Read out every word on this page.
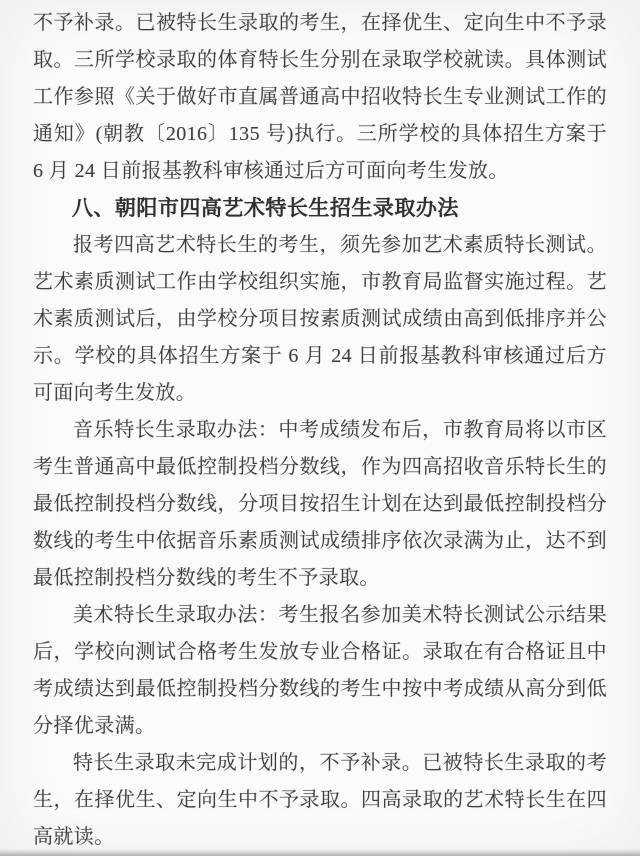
不予补录。已被特长生录取的考生，在择优生、定向生中不予录取。三所学校录取的体育特长生分别在录取学校就读。具体测试工作参照《关于做好市直属普通高中招收特长生专业测试工作的通知》(朝教〔2016〕135 号)执行。三所学校的具体招生方案于 6 月 24 日前报基教科审核通过后方可面向考生发放。

八、朝阳市四高艺术特长生招生录取办法

报考四高艺术特长生的考生，须先参加艺术素质特长测试。艺术素质测试工作由学校组织实施，市教育局监督实施过程。艺术素质测试后，由学校分项目按素质测试成绩由高到低排序并公示。学校的具体招生方案于 6 月 24 日前报基教科审核通过后方可面向考生发放。

音乐特长生录取办法：中考成绩发布后，市教育局将以市区考生普通高中最低控制投档分数线，作为四高招收音乐特长生的最低控制投档分数线，分项目按招生计划在达到最低控制投档分数线的考生中依据音乐素质测试成绩排序依次录满为止，达不到最低控制投档分数线的考生不予录取。

美术特长生录取办法：考生报名参加美术特长测试公示结果后，学校向测试合格考生发放专业合格证。录取在有合格证且中考成绩达到最低控制投档分数线的考生中按中考成绩从高分到低分择优录满。

特长生录取未完成计划的，不予补录。已被特长生录取的考生，在择优生、定向生中不予录取。四高录取的艺术特长生在四高就读。
